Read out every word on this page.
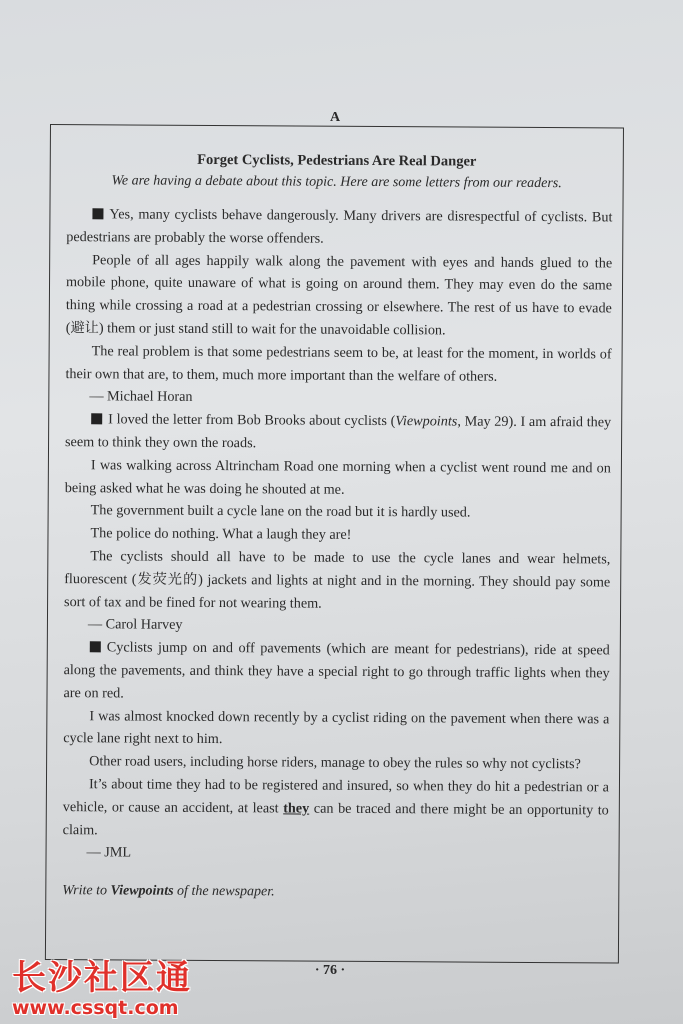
A
Forget Cyclists, Pedestrians Are Real Danger
We are having a debate about this topic. Here are some letters from our readers.

Yes, many cyclists behave dangerously. Many drivers are disrespectful of cyclists. But pedestrians are probably the worse offenders.

People of all ages happily walk along the pavement with eyes and hands glued to the mobile phone, quite unaware of what is going on around them. They may even do the same thing while crossing a road at a pedestrian crossing or elsewhere. The rest of us have to evade (避让) them or just stand still to wait for the unavoidable collision.

The real problem is that some pedestrians seem to be, at least for the moment, in worlds of their own that are, to them, much more important than the welfare of others.

— Michael Horan

I loved the letter from Bob Brooks about cyclists (Viewpoints, May 29). I am afraid they seem to think they own the roads.

I was walking across Altrincham Road one morning when a cyclist went round me and on being asked what he was doing he shouted at me.

The government built a cycle lane on the road but it is hardly used.

The police do nothing. What a laugh they are!

The cyclists should all have to be made to use the cycle lanes and wear helmets, fluorescent (发荧光的) jackets and lights at night and in the morning. They should pay some sort of tax and be fined for not wearing them.

— Carol Harvey

Cyclists jump on and off pavements (which are meant for pedestrians), ride at speed along the pavements, and think they have a special right to go through traffic lights when they are on red.

I was almost knocked down recently by a cyclist riding on the pavement when there was a cycle lane right next to him.

Other road users, including horse riders, manage to obey the rules so why not cyclists?

It’s about time they had to be registered and insured, so when they do hit a pedestrian or a vehicle, or cause an accident, at least they can be traced and there might be an opportunity to claim.

— JML

Write to Viewpoints of the newspaper.
· 76 ·
长沙社区通
www.cssqt.com
